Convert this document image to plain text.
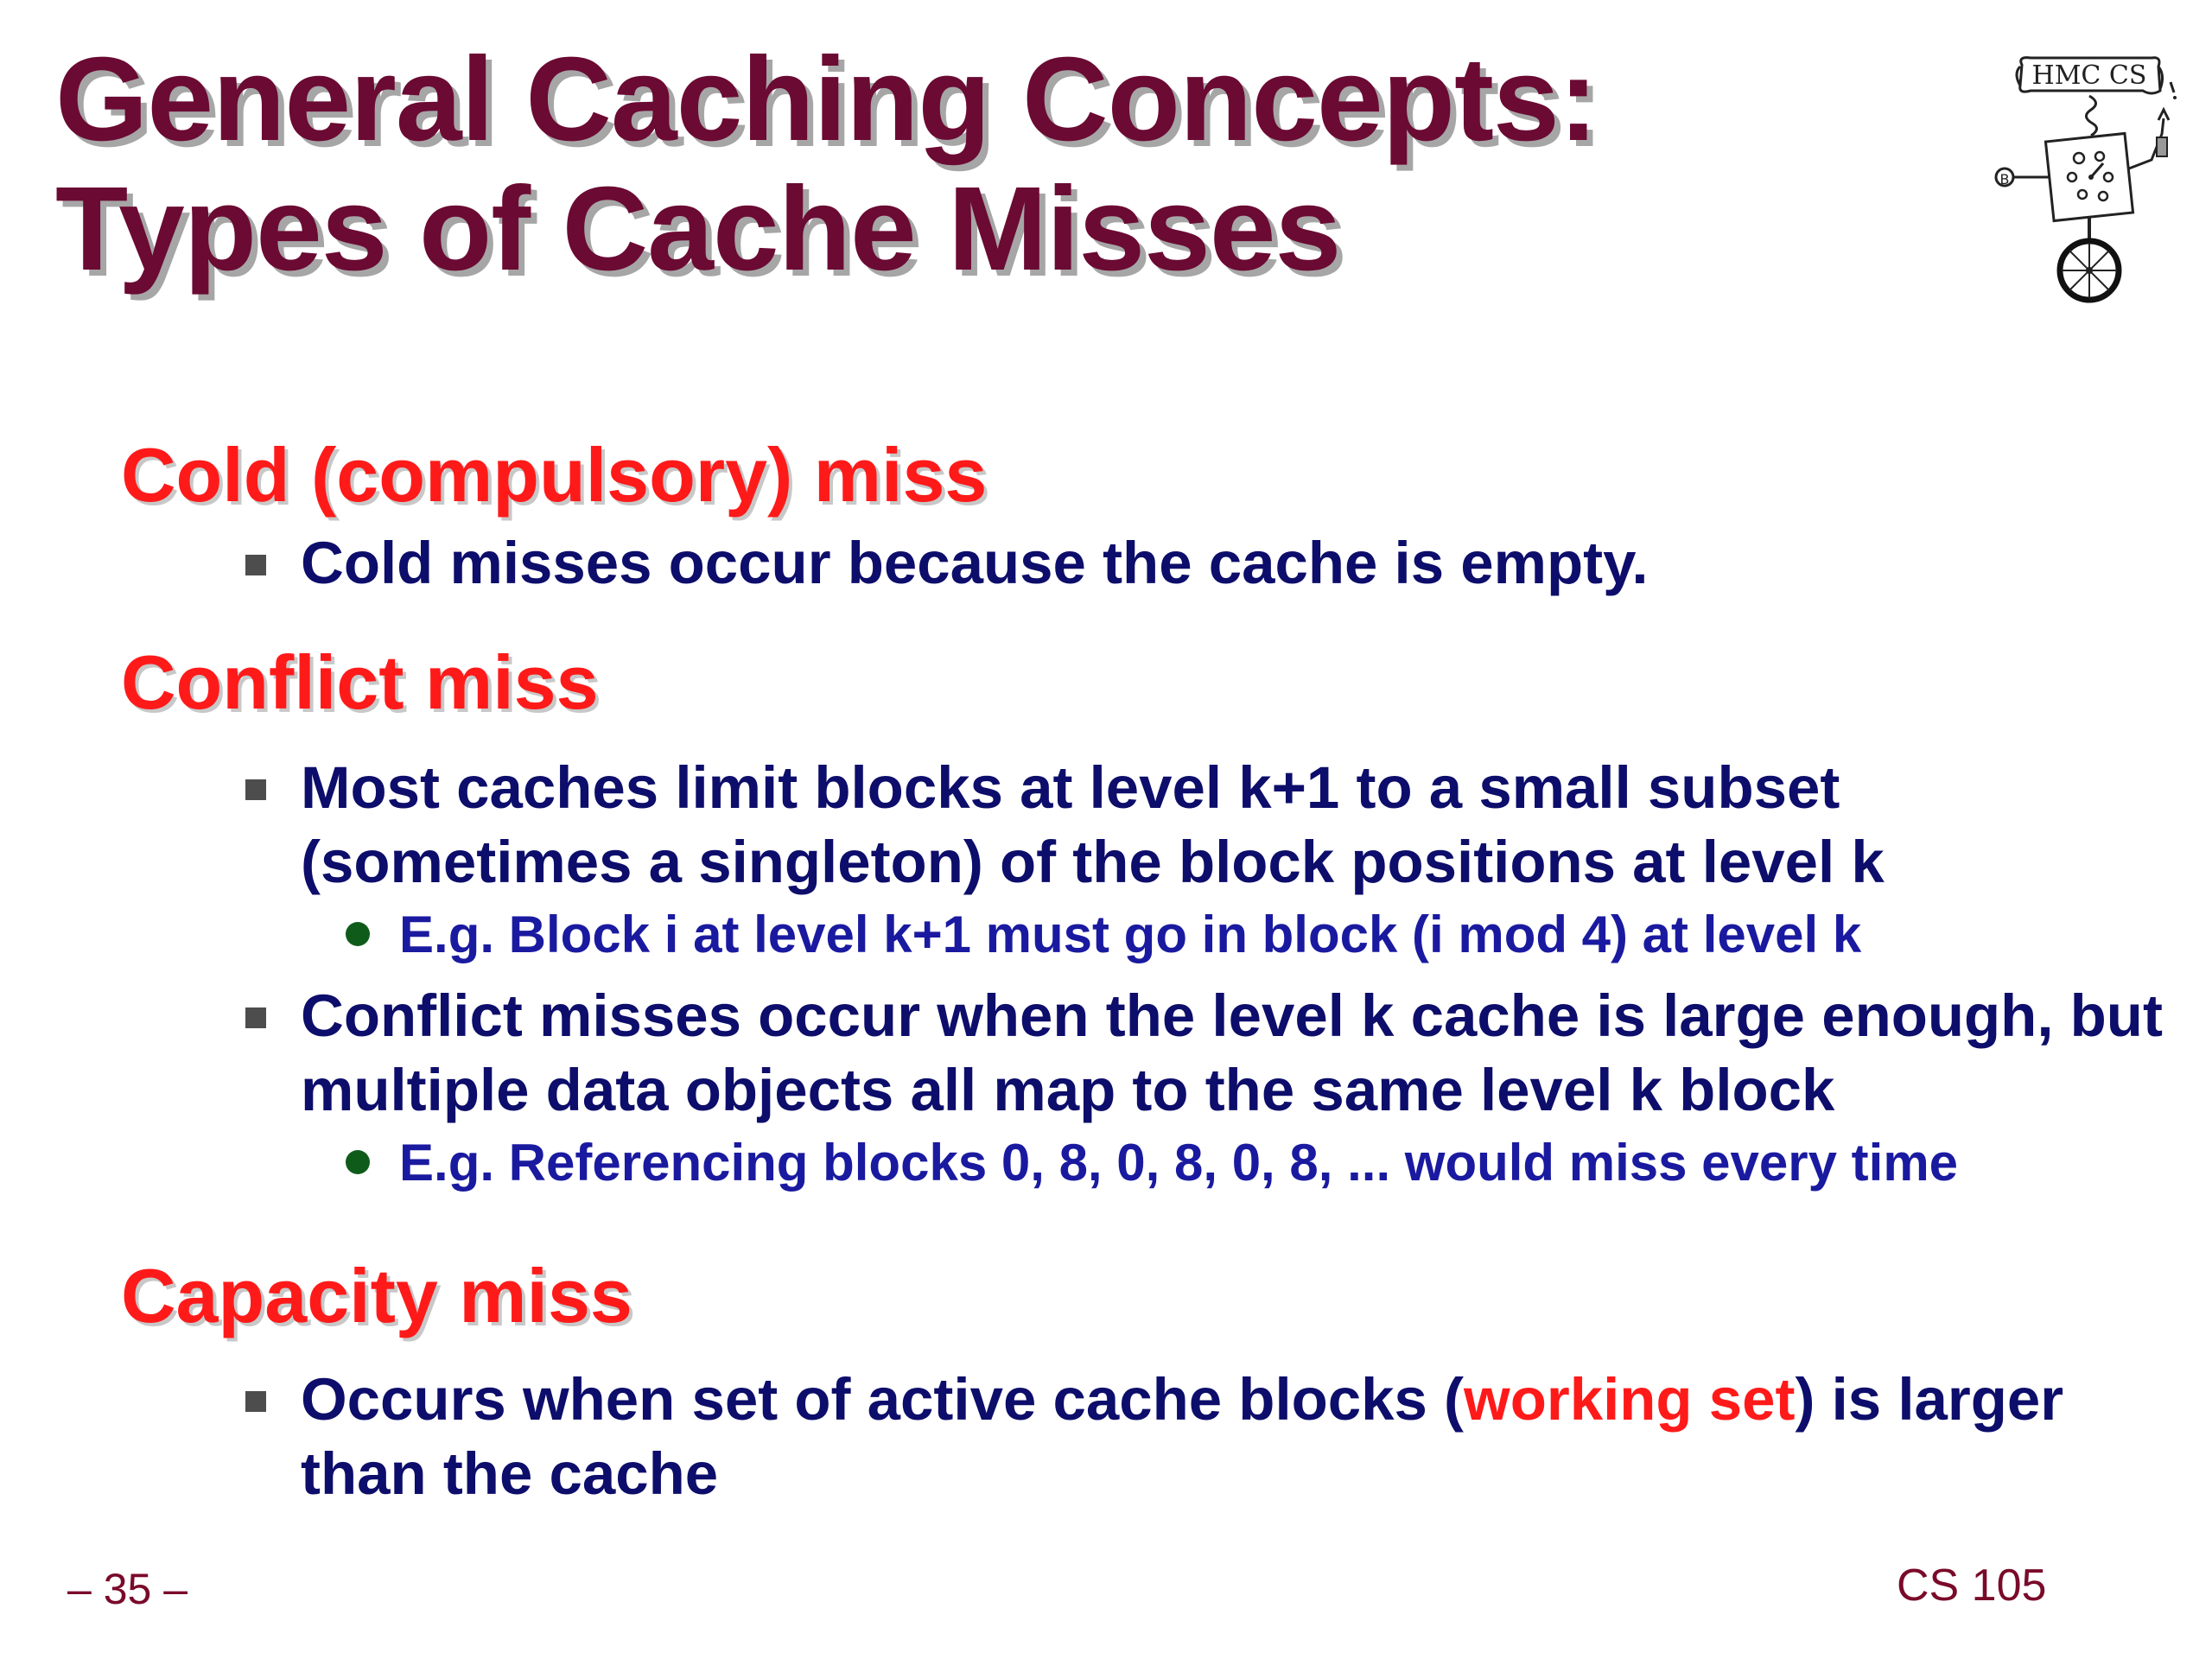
General Caching Concepts:
Types of Cache Misses
HMC CS
B
Cold (compulsory) miss
Cold misses occur because the cache is empty.
Conflict miss
Most caches limit blocks at level k+1 to a small subset (sometimes a singleton) of the block positions at level k
E.g. Block i at level k+1 must go in block (i mod 4) at level k
Conflict misses occur when the level k cache is large enough, but multiple data objects all map to the same level k block
E.g. Referencing blocks 0, 8, 0, 8, 0, 8, ... would miss every time
Capacity miss
Occurs when set of active cache blocks (working set) is larger than the cache
– 35 –	CS 105
